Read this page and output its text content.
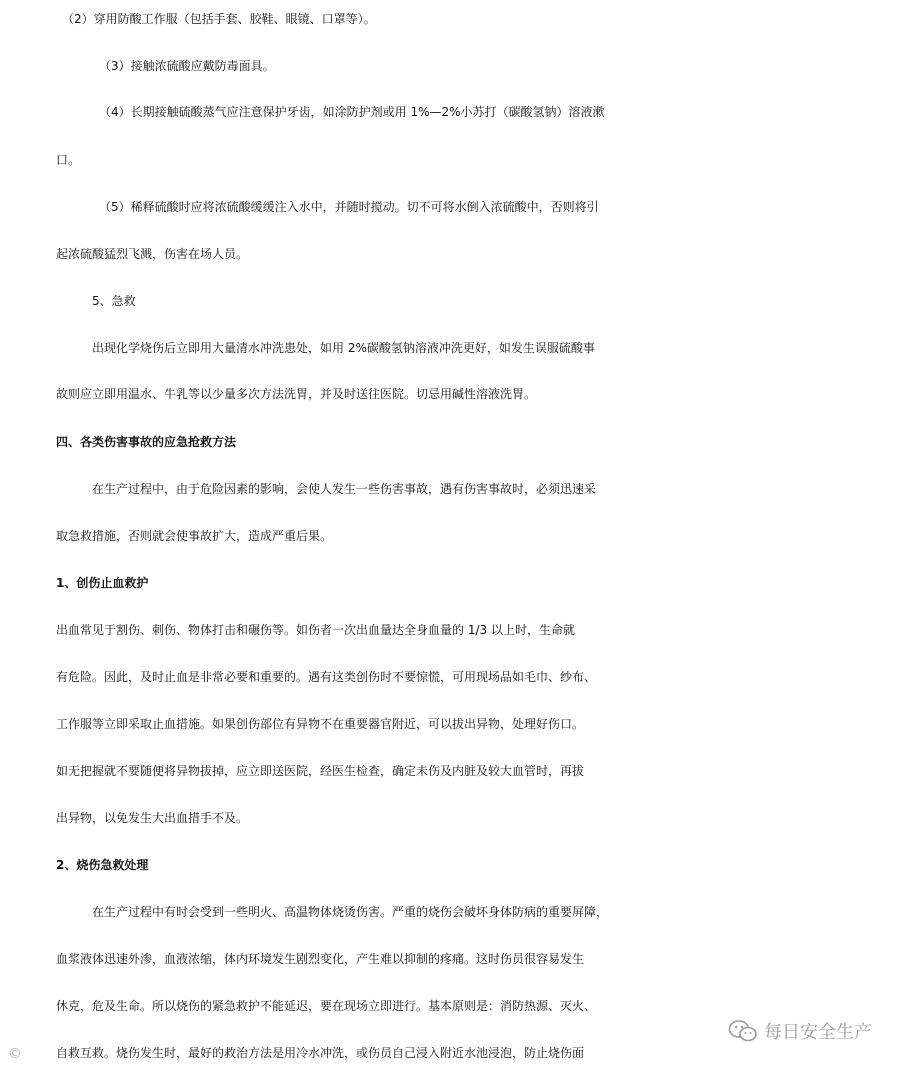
（2）穿用防酸工作服（包括手套、胶鞋、眼镜、口罩等）。
（3）接触浓硫酸应戴防毒面具。
（4）长期接触硫酸蒸气应注意保护牙齿，如涂防护剂或用 1%—2%小苏打（碳酸氢钠）溶液漱
口。
（5）稀释硫酸时应将浓硫酸缓缓注入水中，并随时搅动。切不可将水倒入浓硫酸中，否则将引
起浓硫酸猛烈飞溅，伤害在场人员。
5、急救
出现化学烧伤后立即用大量清水冲洗患处，如用 2%碳酸氢钠溶液冲洗更好，如发生误服硫酸事
故则应立即用温水、牛乳等以少量多次方法洗胃，并及时送往医院。切忌用碱性溶液洗胃。
四、各类伤害事故的应急抢救方法
在生产过程中，由于危险因素的影响，会使人发生一些伤害事故，遇有伤害事故时，必须迅速采
取急救措施，否则就会使事故扩大，造成严重后果。
1、创伤止血救护
出血常见于割伤、刺伤、物体打击和碾伤等。如伤者一次出血量达全身血量的 1/3 以上时，生命就
有危险。因此，及时止血是非常必要和重要的。遇有这类创伤时不要惊慌，可用现场品如毛巾、纱布、
工作服等立即采取止血措施。如果创伤部位有异物不在重要器官附近，可以拔出异物，处理好伤口。
如无把握就不要随便将异物拔掉，应立即送医院，经医生检查，确定未伤及内脏及较大血管时，再拔
出异物，以免发生大出血措手不及。
2、烧伤急救处理
在生产过程中有时会受到一些明火、高温物体烧烫伤害。严重的烧伤会破坏身体防病的重要屏障，
血浆液体迅速外渗，血液浓缩，体内环境发生剧烈变化，产生难以抑制的疼痛。这时伤员很容易发生
休克，危及生命。所以烧伤的紧急救护不能延迟，要在现场立即进行。基本原则是：消防热源、灭火、
自救互救。烧伤发生时，最好的救治方法是用冷水冲洗，或伤员自己浸入附近水池浸泡，防止烧伤面
每日安全生产
©
